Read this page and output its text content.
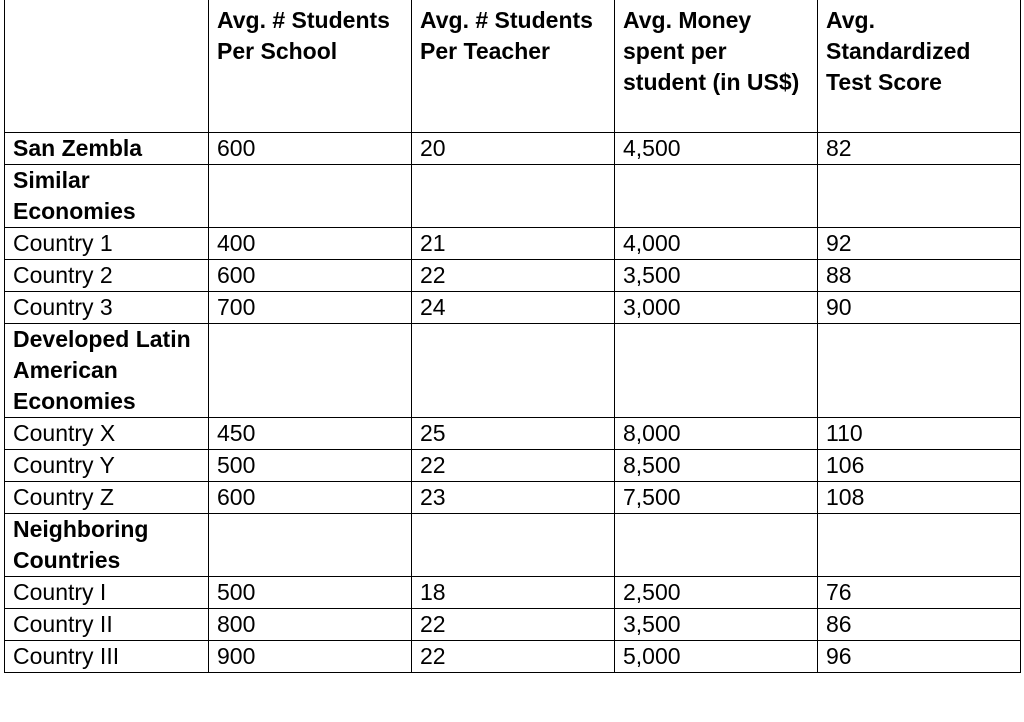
	Avg. # Students Per School	Avg. # Students Per Teacher	Avg. Money spent per student (in US$)	Avg. Standardized Test Score
San Zembla	600	20	4,500	82
Similar Economies				
Country 1	400	21	4,000	92
Country 2	600	22	3,500	88
Country 3	700	24	3,000	90
Developed Latin American Economies				
Country X	450	25	8,000	110
Country Y	500	22	8,500	106
Country Z	600	23	7,500	108
Neighboring Countries				
Country I	500	18	2,500	76
Country II	800	22	3,500	86
Country III	900	22	5,000	96
